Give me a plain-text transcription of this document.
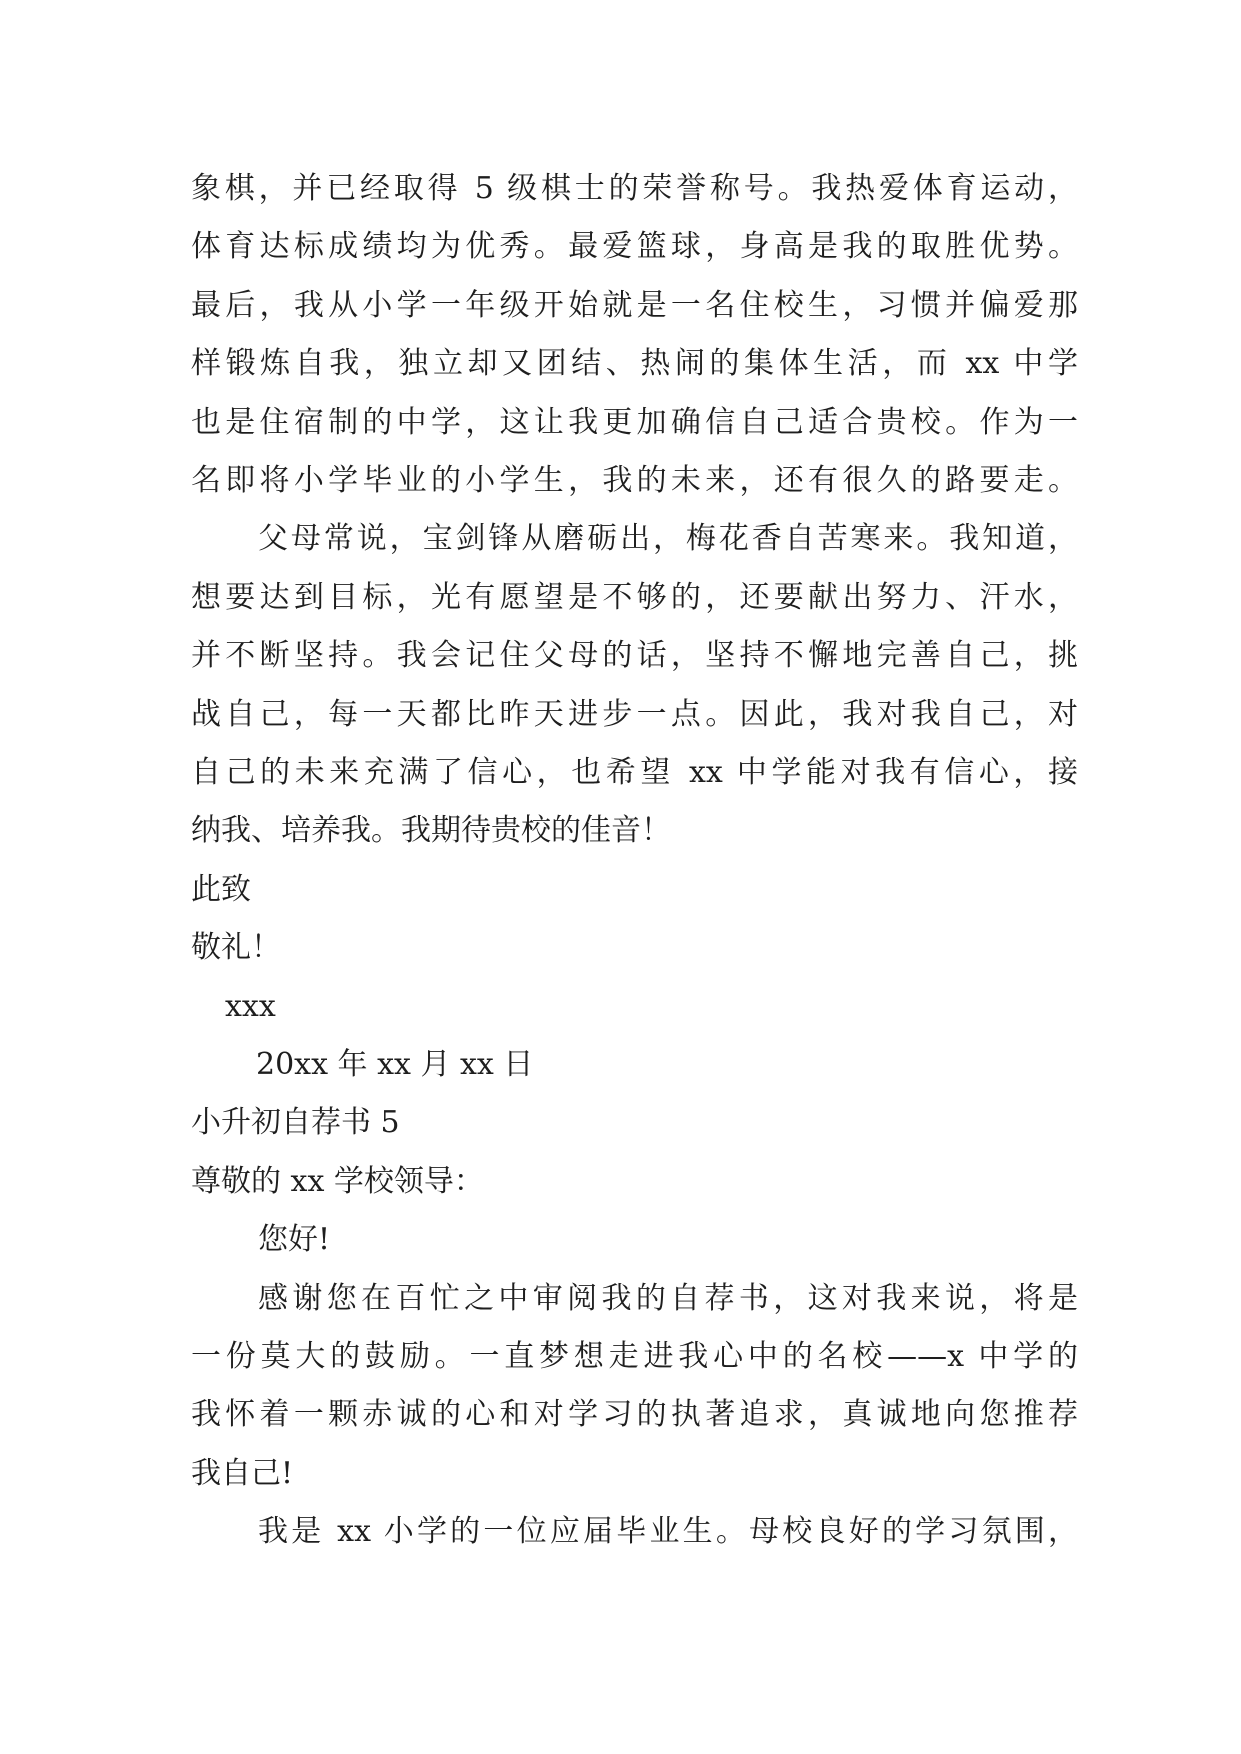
象棋，并已经取得 5 级棋士的荣誉称号。我热爱体育运动，
体育达标成绩均为优秀。最爱篮球，身高是我的取胜优势。
最后，我从小学一年级开始就是一名住校生，习惯并偏爱那
样锻炼自我，独立却又团结、热闹的集体生活，而 xx 中学
也是住宿制的中学，这让我更加确信自己适合贵校。作为一
名即将小学毕业的小学生，我的未来，还有很久的路要走。
父母常说，宝剑锋从磨砺出，梅花香自苦寒来。我知道，
想要达到目标，光有愿望是不够的，还要献出努力、汗水，
并不断坚持。我会记住父母的话，坚持不懈地完善自己，挑
战自己，每一天都比昨天进步一点。因此，我对我自己，对
自己的未来充满了信心，也希望 xx 中学能对我有信心，接
纳我、培养我。我期待贵校的佳音！
此致
敬礼！
xxx
20xx 年 xx 月 xx 日
小升初自荐书 5
尊敬的 xx 学校领导：
您好!
感谢您在百忙之中审阅我的自荐书，这对我来说，将是
一份莫大的鼓励。一直梦想走进我心中的名校——x 中学的
我怀着一颗赤诚的心和对学习的执著追求，真诚地向您推荐
我自己!
我是 xx 小学的一位应届毕业生。母校良好的学习氛围，
